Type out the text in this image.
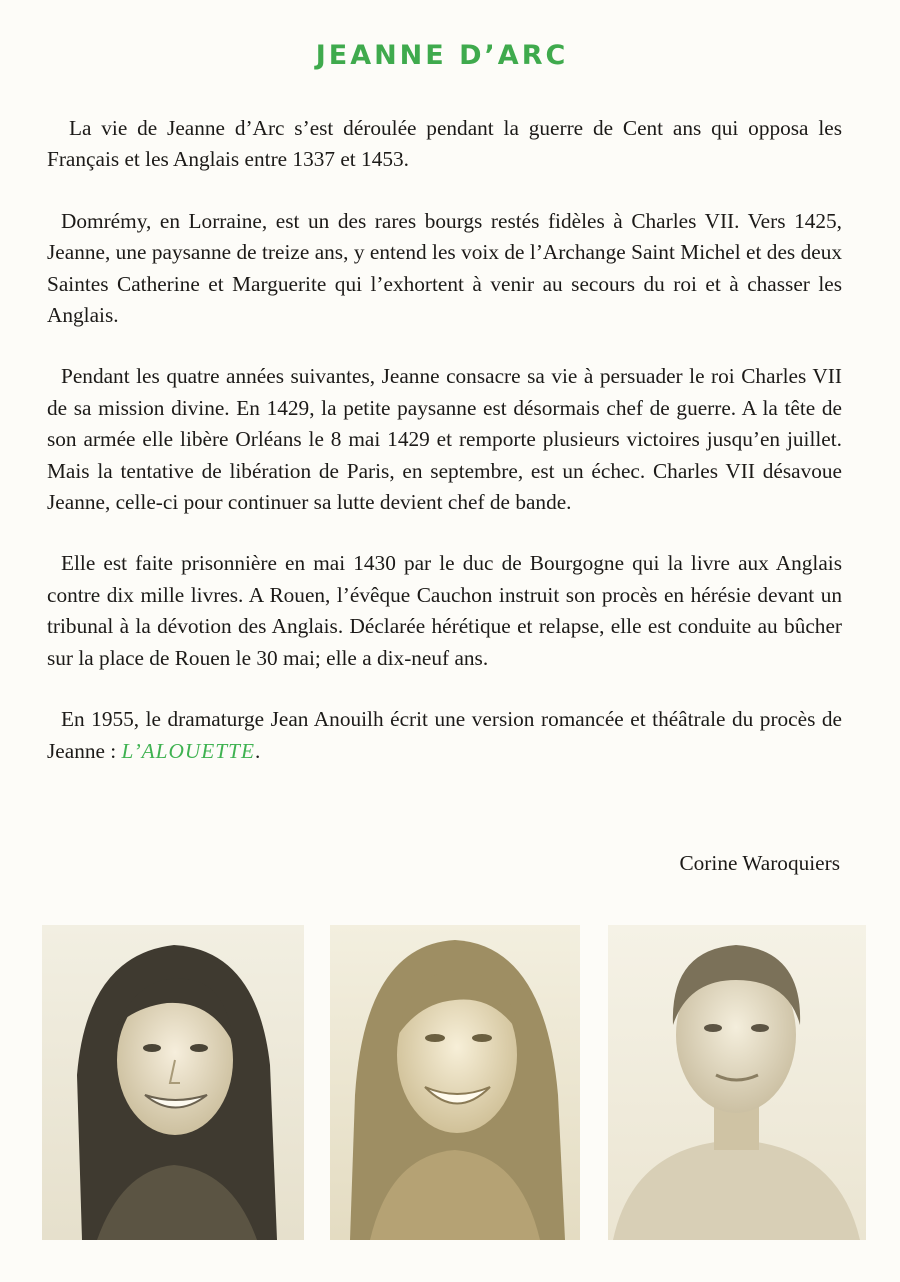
JEANNE D’ARC

La vie de Jeanne d’Arc s’est déroulée pendant la guerre de Cent ans qui opposa les Français et les Anglais entre 1337 et 1453.

Domrémy, en Lorraine, est un des rares bourgs restés fidèles à Charles VII. Vers 1425, Jeanne, une paysanne de treize ans, y entend les voix de l’Archange Saint Michel et des deux Saintes Catherine et Marguerite qui l’exhortent à venir au secours du roi et à chasser les Anglais.

Pendant les quatre années suivantes, Jeanne consacre sa vie à persuader le roi Charles VII de sa mission divine. En 1429, la petite paysanne est désormais chef de guerre. A la tête de son armée elle libère Orléans le 8 mai 1429 et remporte plusieurs victoires jusqu’en juillet. Mais la tentative de libération de Paris, en septembre, est un échec. Charles VII désavoue Jeanne, celle-ci pour continuer sa lutte devient chef de bande.

Elle est faite prisonnière en mai 1430 par le duc de Bourgogne qui la livre aux Anglais contre dix mille livres. A Rouen, l’évêque Cauchon instruit son procès en hérésie devant un tribunal à la dévotion des Anglais. Déclarée hérétique et relapse, elle est conduite au bûcher sur la place de Rouen le 30 mai; elle a dix-neuf ans.

En 1955, le dramaturge Jean Anouilh écrit une version romancée et théâtrale du procès de Jeanne : L’ALOUETTE.

Corine Waroquiers
